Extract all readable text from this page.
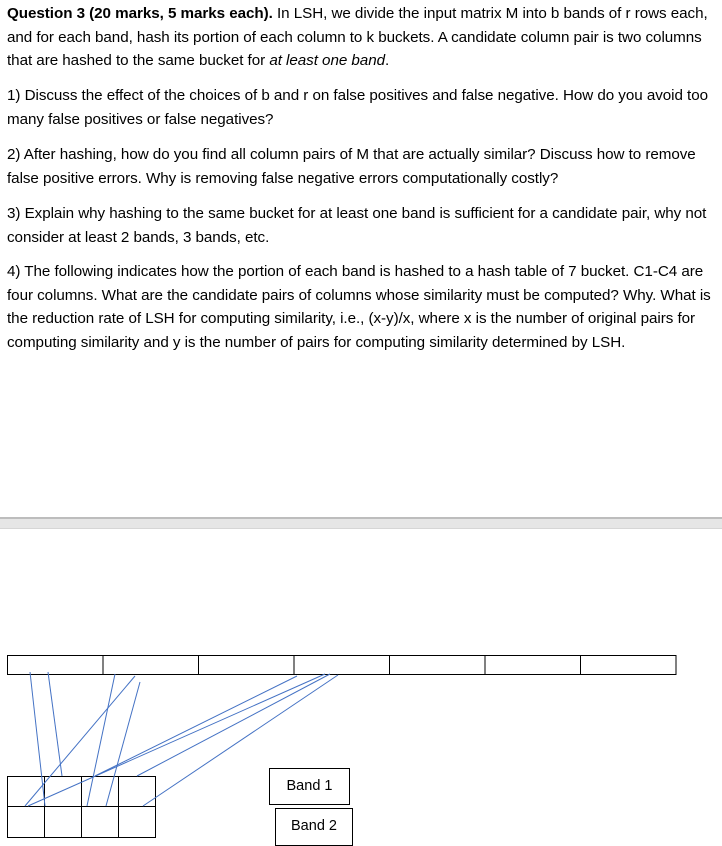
Question 3 (20 marks, 5 marks each). In LSH, we divide the input matrix M into b bands of r rows each, and for each band, hash its portion of each column to k buckets. A candidate column pair is two columns that are hashed to the same bucket for at least one band.

1) Discuss the effect of the choices of b and r on false positives and false negative. How do you avoid too many false positives or false negatives?

2) After hashing, how do you find all column pairs of M that are actually similar? Discuss how to remove false positive errors. Why is removing false negative errors computationally costly?

3) Explain why hashing to the same bucket for at least one band is sufficient for a candidate pair, why not consider at least 2 bands, 3 bands, etc.

4) The following indicates how the portion of each band is hashed to a hash table of 7 bucket. C1-C4 are four columns. What are the candidate pairs of columns whose similarity must be computed? Why. What is the reduction rate of LSH for computing similarity, i.e., (x-y)/x, where x is the number of original pairs for computing similarity and y is the number of pairs for computing similarity determined by LSH.

Band 1
Band 2
